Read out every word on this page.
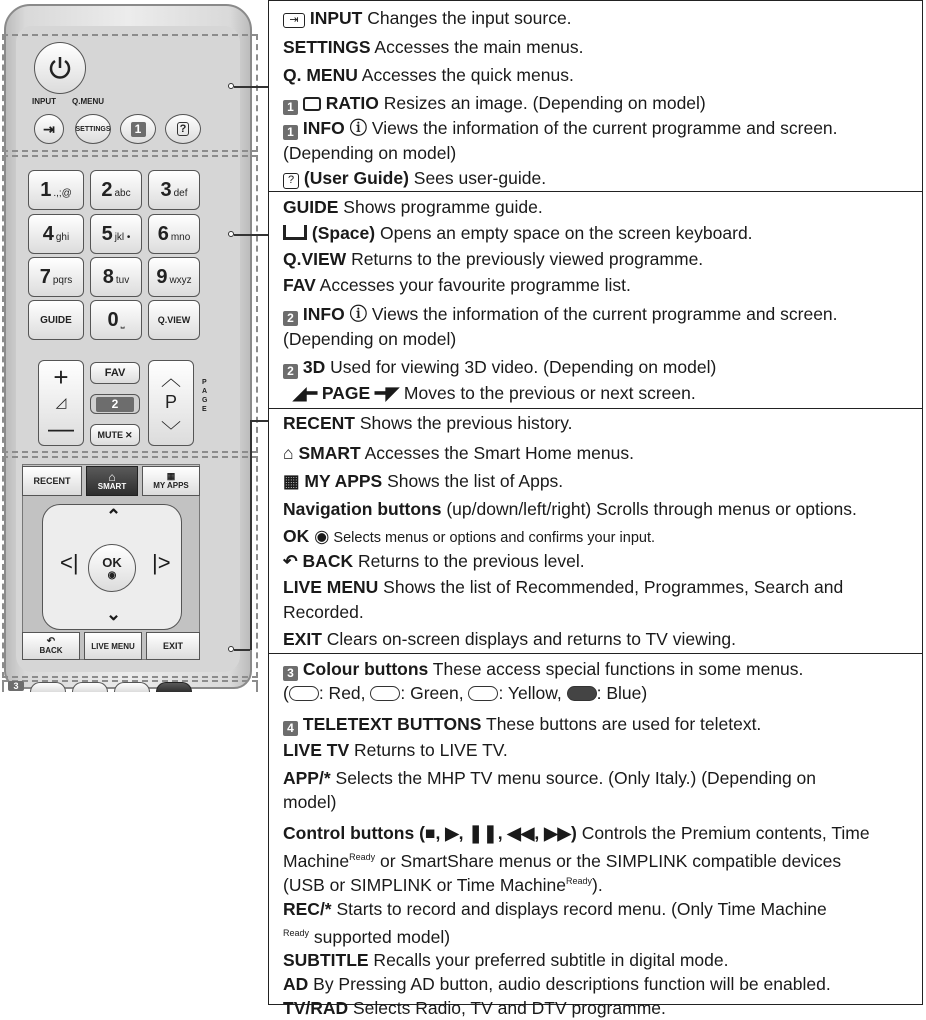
INPUT Q.MENU
⇥	SETTINGS	1	?
1 .,;@ 2 abc 3 def
4 ghi 5 jkl • 6 mno
7 pqrs 8 tuv 9 wxyz
GUIDE 0 ⎵	Q.VIEW
+
◿
—
FAV
2
MUTE ✕
︿
P
﹀
PAGE
RECENT	⌂
SMART
▦
MY APPS
⌃
<|	|>
⌄
OK
◉
↶
BACK	LIVE MENU	EXIT
3
⇥ INPUT Changes the input source.
SETTINGS Accesses the main menus.
Q. MENU Accesses the quick menus.
1 RATIO Resizes an image. (Depending on model)
1 INFO ⓘ Views the information of the current programme and screen.
(Depending on model)
? (User Guide) Sees user-guide.
GUIDE Shows programme guide.
(Space) Opens an empty space on the screen keyboard.
Q.VIEW Returns to the previously viewed programme.
FAV Accesses your favourite programme list.
2 INFO ⓘ Views the information of the current programme and screen.
(Depending on model)
2 3D Used for viewing 3D video. (Depending on model)
◢━ PAGE ━◤ Moves to the previous or next screen.
RECENT Shows the previous history.
⌂ SMART Accesses the Smart Home menus.
▦ MY APPS Shows the list of Apps.
Navigation buttons (up/down/left/right) Scrolls through menus or options.
OK ◉ Selects menus or options and confirms your input.
↶ BACK Returns to the previous level.
LIVE MENU Shows the list of Recommended, Programmes, Search and
Recorded.
EXIT Clears on-screen displays and returns to TV viewing.
3 Colour buttons These access special functions in some menus.
( : Red, : Green, : Yellow, : Blue)
4 TELETEXT BUTTONS These buttons are used for teletext.
LIVE TV Returns to LIVE TV.
APP/* Selects the MHP TV menu source. (Only Italy.) (Depending on
model)
Control buttons (■, ▶, ❚❚, ◀◀, ▶▶) Controls the Premium contents, Time
Machine$^{Ready}$ or SmartShare menus or the SIMPLINK compatible devices
(USB or SIMPLINK or Time Machine$^{Ready}$).
REC/* Starts to record and displays record menu. (Only Time Machine
$^{Ready}$ supported model)
SUBTITLE Recalls your preferred subtitle in digital mode.
AD By Pressing AD button, audio descriptions function will be enabled.
TV/RAD Selects Radio, TV and DTV programme.
